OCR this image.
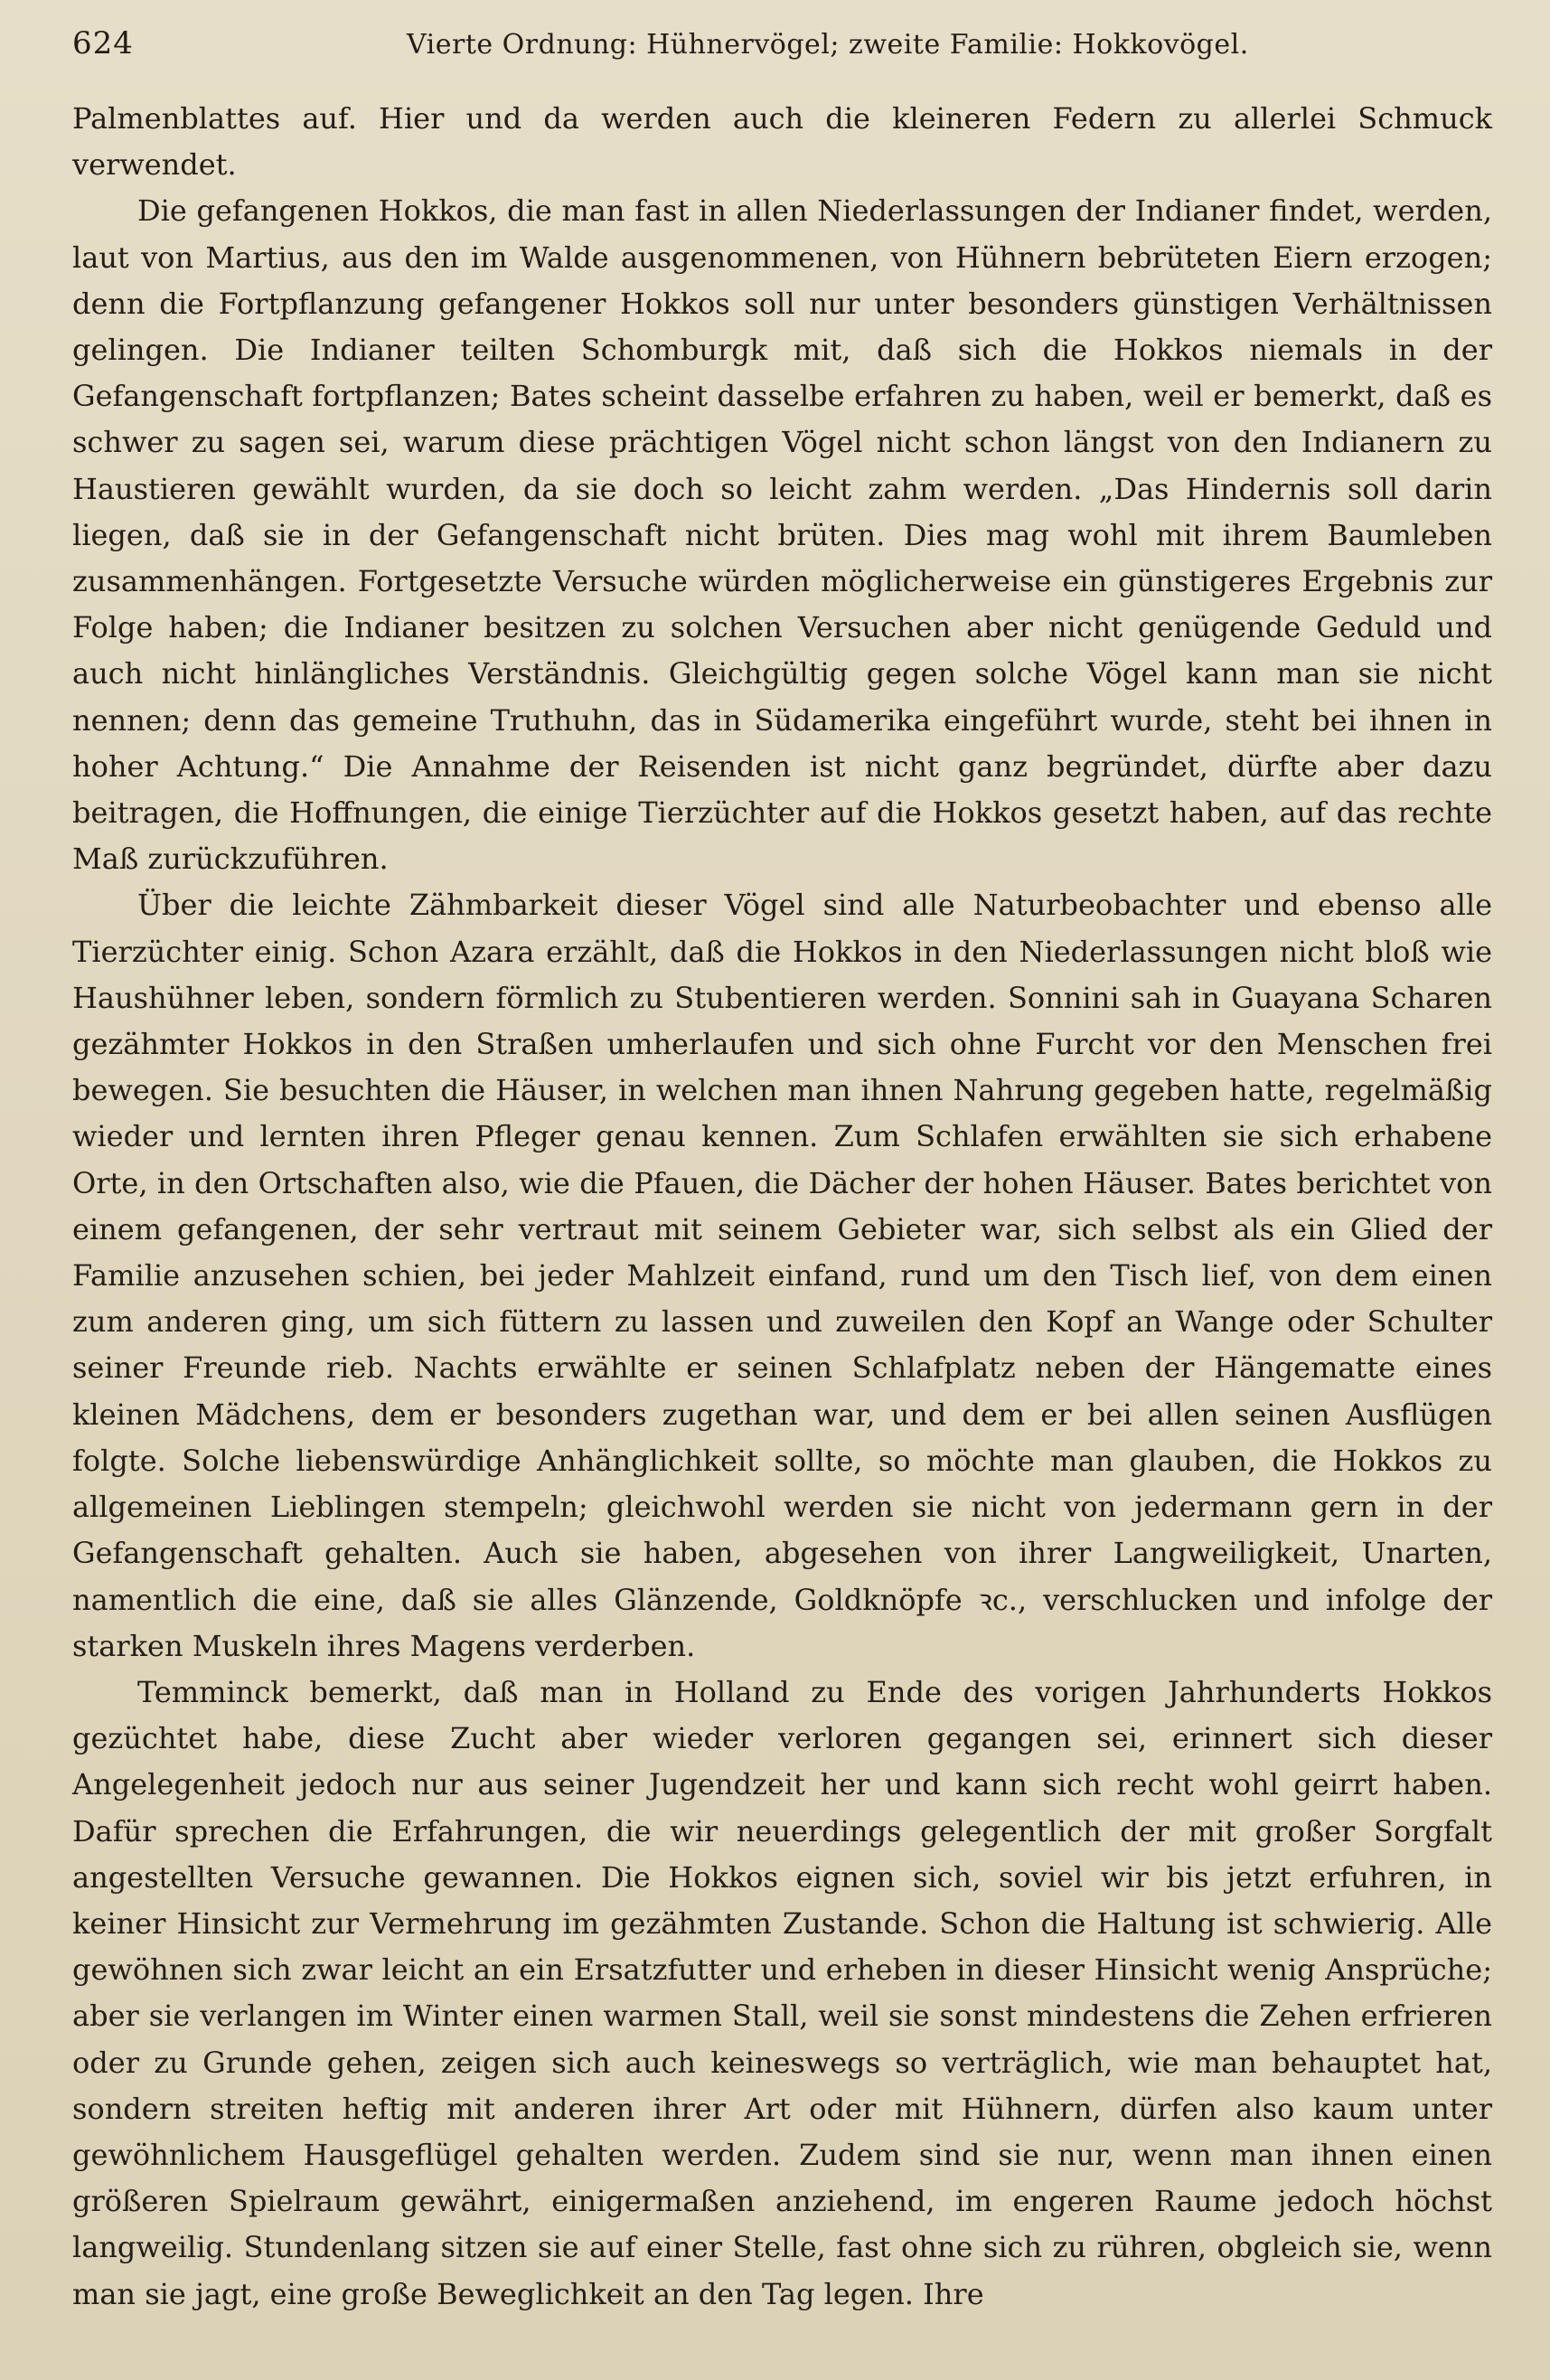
624	Vierte Ordnung: Hühnervögel; zweite Familie: Hokkovögel.

Palmenblattes auf. Hier und da werden auch die kleineren Federn zu allerlei Schmuck verwendet.

Die gefangenen Hokkos, die man fast in allen Niederlassungen der Indianer findet, werden, laut von Martius, aus den im Walde ausgenommenen, von Hühnern bebrüteten Eiern erzogen; denn die Fortpflanzung gefangener Hokkos soll nur unter besonders günstigen Verhältnissen gelingen. Die Indianer teilten Schomburgk mit, daß sich die Hokkos niemals in der Gefangenschaft fortpflanzen; Bates scheint dasselbe erfahren zu haben, weil er bemerkt, daß es schwer zu sagen sei, warum diese prächtigen Vögel nicht schon längst von den Indianern zu Haustieren gewählt wurden, da sie doch so leicht zahm werden. „Das Hindernis soll darin liegen, daß sie in der Gefangenschaft nicht brüten. Dies mag wohl mit ihrem Baumleben zusammenhängen. Fortgesetzte Versuche würden möglicherweise ein günstigeres Ergebnis zur Folge haben; die Indianer besitzen zu solchen Versuchen aber nicht genügende Geduld und auch nicht hinlängliches Verständnis. Gleichgültig gegen solche Vögel kann man sie nicht nennen; denn das gemeine Truthuhn, das in Südamerika eingeführt wurde, steht bei ihnen in hoher Achtung.“ Die Annahme der Reisenden ist nicht ganz begründet, dürfte aber dazu beitragen, die Hoffnungen, die einige Tierzüchter auf die Hokkos gesetzt haben, auf das rechte Maß zurückzuführen.

Über die leichte Zähmbarkeit dieser Vögel sind alle Naturbeobachter und ebenso alle Tierzüchter einig. Schon Azara erzählt, daß die Hokkos in den Niederlassungen nicht bloß wie Haushühner leben, sondern förmlich zu Stubentieren werden. Sonnini sah in Guayana Scharen gezähmter Hokkos in den Straßen umherlaufen und sich ohne Furcht vor den Menschen frei bewegen. Sie besuchten die Häuser, in welchen man ihnen Nahrung gegeben hatte, regelmäßig wieder und lernten ihren Pfleger genau kennen. Zum Schlafen erwählten sie sich erhabene Orte, in den Ortschaften also, wie die Pfauen, die Dächer der hohen Häuser. Bates berichtet von einem gefangenen, der sehr vertraut mit seinem Gebieter war, sich selbst als ein Glied der Familie anzusehen schien, bei jeder Mahlzeit einfand, rund um den Tisch lief, von dem einen zum anderen ging, um sich füttern zu lassen und zuweilen den Kopf an Wange oder Schulter seiner Freunde rieb. Nachts erwählte er seinen Schlafplatz neben der Hängematte eines kleinen Mädchens, dem er besonders zugethan war, und dem er bei allen seinen Ausflügen folgte. Solche liebenswürdige Anhänglichkeit sollte, so möchte man glauben, die Hokkos zu allgemeinen Lieblingen stempeln; gleichwohl werden sie nicht von jedermann gern in der Gefangenschaft gehalten. Auch sie haben, abgesehen von ihrer Langweiligkeit, Unarten, namentlich die eine, daß sie alles Glänzende, Goldknöpfe ꝛc., verschlucken und infolge der starken Muskeln ihres Magens verderben.

Temminck bemerkt, daß man in Holland zu Ende des vorigen Jahrhunderts Hokkos gezüchtet habe, diese Zucht aber wieder verloren gegangen sei, erinnert sich dieser Angelegenheit jedoch nur aus seiner Jugendzeit her und kann sich recht wohl geirrt haben. Dafür sprechen die Erfahrungen, die wir neuerdings gelegentlich der mit großer Sorgfalt angestellten Versuche gewannen. Die Hokkos eignen sich, soviel wir bis jetzt erfuhren, in keiner Hinsicht zur Vermehrung im gezähmten Zustande. Schon die Haltung ist schwierig. Alle gewöhnen sich zwar leicht an ein Ersatzfutter und erheben in dieser Hinsicht wenig Ansprüche; aber sie verlangen im Winter einen warmen Stall, weil sie sonst mindestens die Zehen erfrieren oder zu Grunde gehen, zeigen sich auch keineswegs so verträglich, wie man behauptet hat, sondern streiten heftig mit anderen ihrer Art oder mit Hühnern, dürfen also kaum unter gewöhnlichem Hausgeflügel gehalten werden. Zudem sind sie nur, wenn man ihnen einen größeren Spielraum gewährt, einigermaßen anziehend, im engeren Raume jedoch höchst langweilig. Stundenlang sitzen sie auf einer Stelle, fast ohne sich zu rühren, obgleich sie, wenn man sie jagt, eine große Beweglichkeit an den Tag legen. Ihre
